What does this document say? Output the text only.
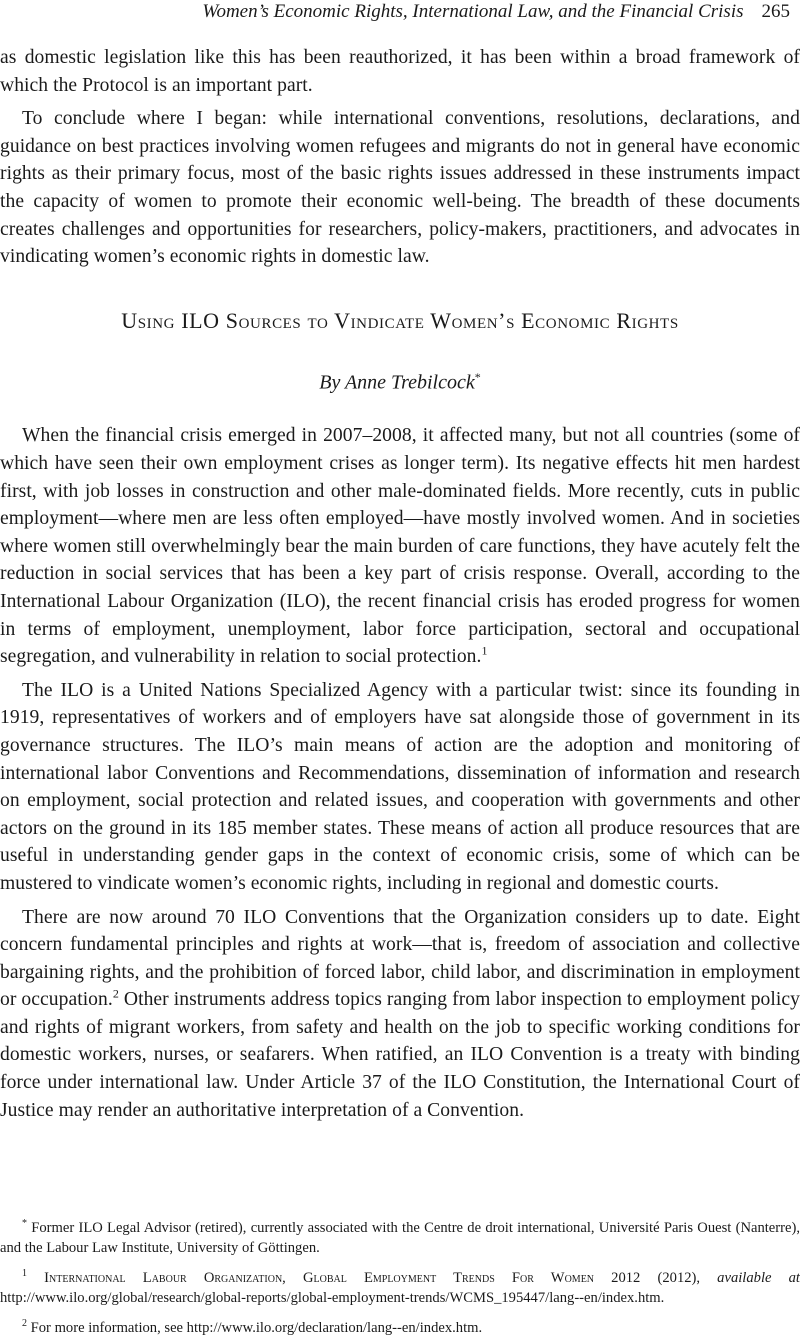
Women’s Economic Rights, International Law, and the Financial Crisis 265

as domestic legislation like this has been reauthorized, it has been within a broad framework of which the Protocol is an important part.

To conclude where I began: while international conventions, resolutions, declarations, and guidance on best practices involving women refugees and migrants do not in general have economic rights as their primary focus, most of the basic rights issues addressed in these instruments impact the capacity of women to promote their economic well-being. The breadth of these documents creates challenges and opportunities for researchers, policy-makers, practitioners, and advocates in vindicating women’s economic rights in domestic law.

Using ILO Sources to Vindicate Women’s Economic Rights
By Anne Trebilcock*

When the financial crisis emerged in 2007–2008, it affected many, but not all countries (some of which have seen their own employment crises as longer term). Its negative effects hit men hardest first, with job losses in construction and other male-dominated fields. More recently, cuts in public employment—where men are less often employed—have mostly involved women. And in societies where women still overwhelmingly bear the main burden of care functions, they have acutely felt the reduction in social services that has been a key part of crisis response. Overall, according to the International Labour Organization (ILO), the recent financial crisis has eroded progress for women in terms of employment, unemployment, labor force participation, sectoral and occupational segregation, and vulnerability in relation to social protection.$^1$

The ILO is a United Nations Specialized Agency with a particular twist: since its founding in 1919, representatives of workers and of employers have sat alongside those of government in its governance structures. The ILO’s main means of action are the adoption and monitoring of international labor Conventions and Recommendations, dissemination of information and research on employment, social protection and related issues, and cooperation with governments and other actors on the ground in its 185 member states. These means of action all produce resources that are useful in understanding gender gaps in the context of economic crisis, some of which can be mustered to vindicate women’s economic rights, including in regional and domestic courts.

There are now around 70 ILO Conventions that the Organization considers up to date. Eight concern fundamental principles and rights at work—that is, freedom of association and collective bargaining rights, and the prohibition of forced labor, child labor, and discrimination in employment or occupation.$^2$ Other instruments address topics ranging from labor inspection to employment policy and rights of migrant workers, from safety and health on the job to specific working conditions for domestic workers, nurses, or seafarers. When ratified, an ILO Convention is a treaty with binding force under international law. Under Article 37 of the ILO Constitution, the International Court of Justice may render an authoritative interpretation of a Convention.

* Former ILO Legal Advisor (retired), currently associated with the Centre de droit international, Université Paris Ouest (Nanterre), and the Labour Law Institute, University of Göttingen.

$^1$ International Labour Organization, Global Employment Trends For Women 2012 (2012), available at http://www.ilo.org/global/research/global-reports/global-employment-trends/WCMS_195447/lang--en/index.htm.

$^2$ For more information, see http://www.ilo.org/declaration/lang--en/index.htm.
